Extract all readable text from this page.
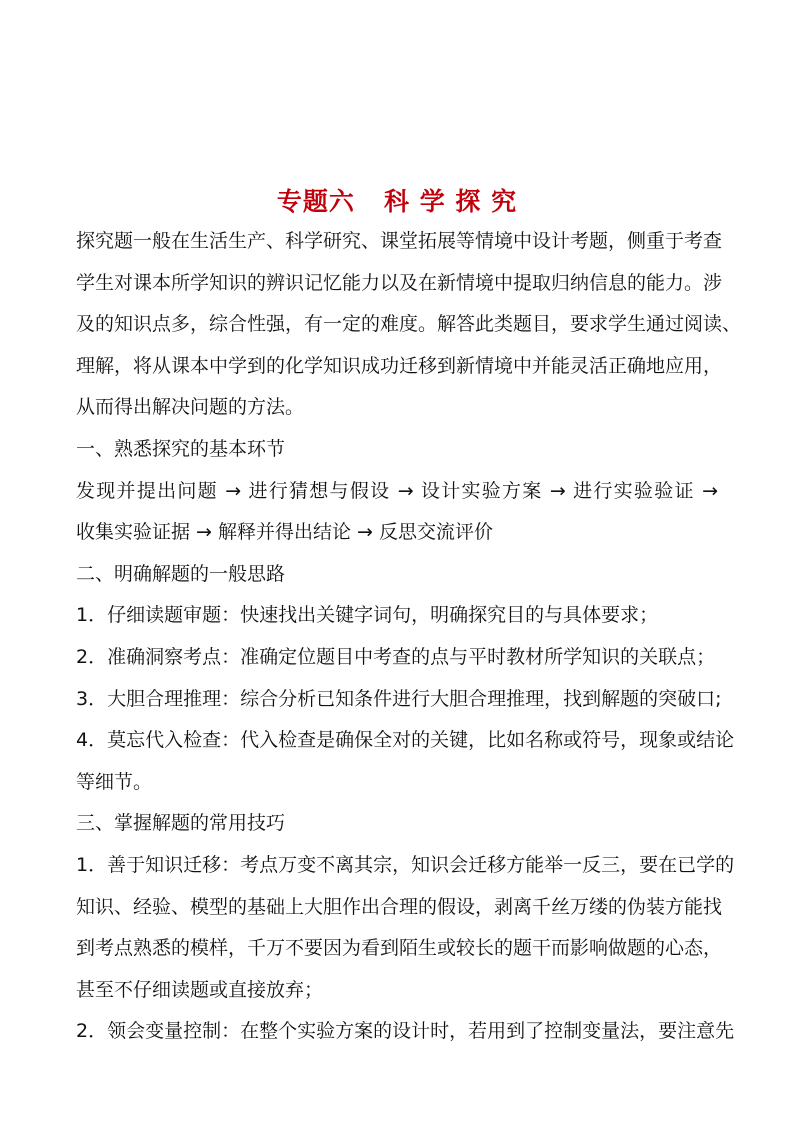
专题六   科 学 探 究
探究题一般在生活生产、科学研究、课堂拓展等情境中设计考题，侧重于考查
学生对课本所学知识的辨识记忆能力以及在新情境中提取归纳信息的能力。涉
及的知识点多，综合性强，有一定的难度。解答此类题目，要求学生通过阅读、
理解，将从课本中学到的化学知识成功迁移到新情境中并能灵活正确地应用，
从而得出解决问题的方法。
一、熟悉探究的基本环节
发现并提出问题 → 进行猜想与假设 → 设计实验方案 → 进行实验验证 →
收集实验证据 → 解释并得出结论 → 反思交流评价
二、明确解题的一般思路
1．仔细读题审题：快速找出关键字词句，明确探究目的与具体要求；
2．准确洞察考点：准确定位题目中考查的点与平时教材所学知识的关联点；
3．大胆合理推理：综合分析已知条件进行大胆合理推理，找到解题的突破口;
4．莫忘代入检查：代入检查是确保全对的关键，比如名称或符号，现象或结论
等细节。
三、掌握解题的常用技巧
1．善于知识迁移：考点万变不离其宗，知识会迁移方能举一反三，要在已学的
知识、经验、模型的基础上大胆作出合理的假设，剥离千丝万缕的伪装方能找
到考点熟悉的模样，千万不要因为看到陌生或较长的题干而影响做题的心态，
甚至不仔细读题或直接放弃；
2．领会变量控制：在整个实验方案的设计时，若用到了控制变量法，要注意先
